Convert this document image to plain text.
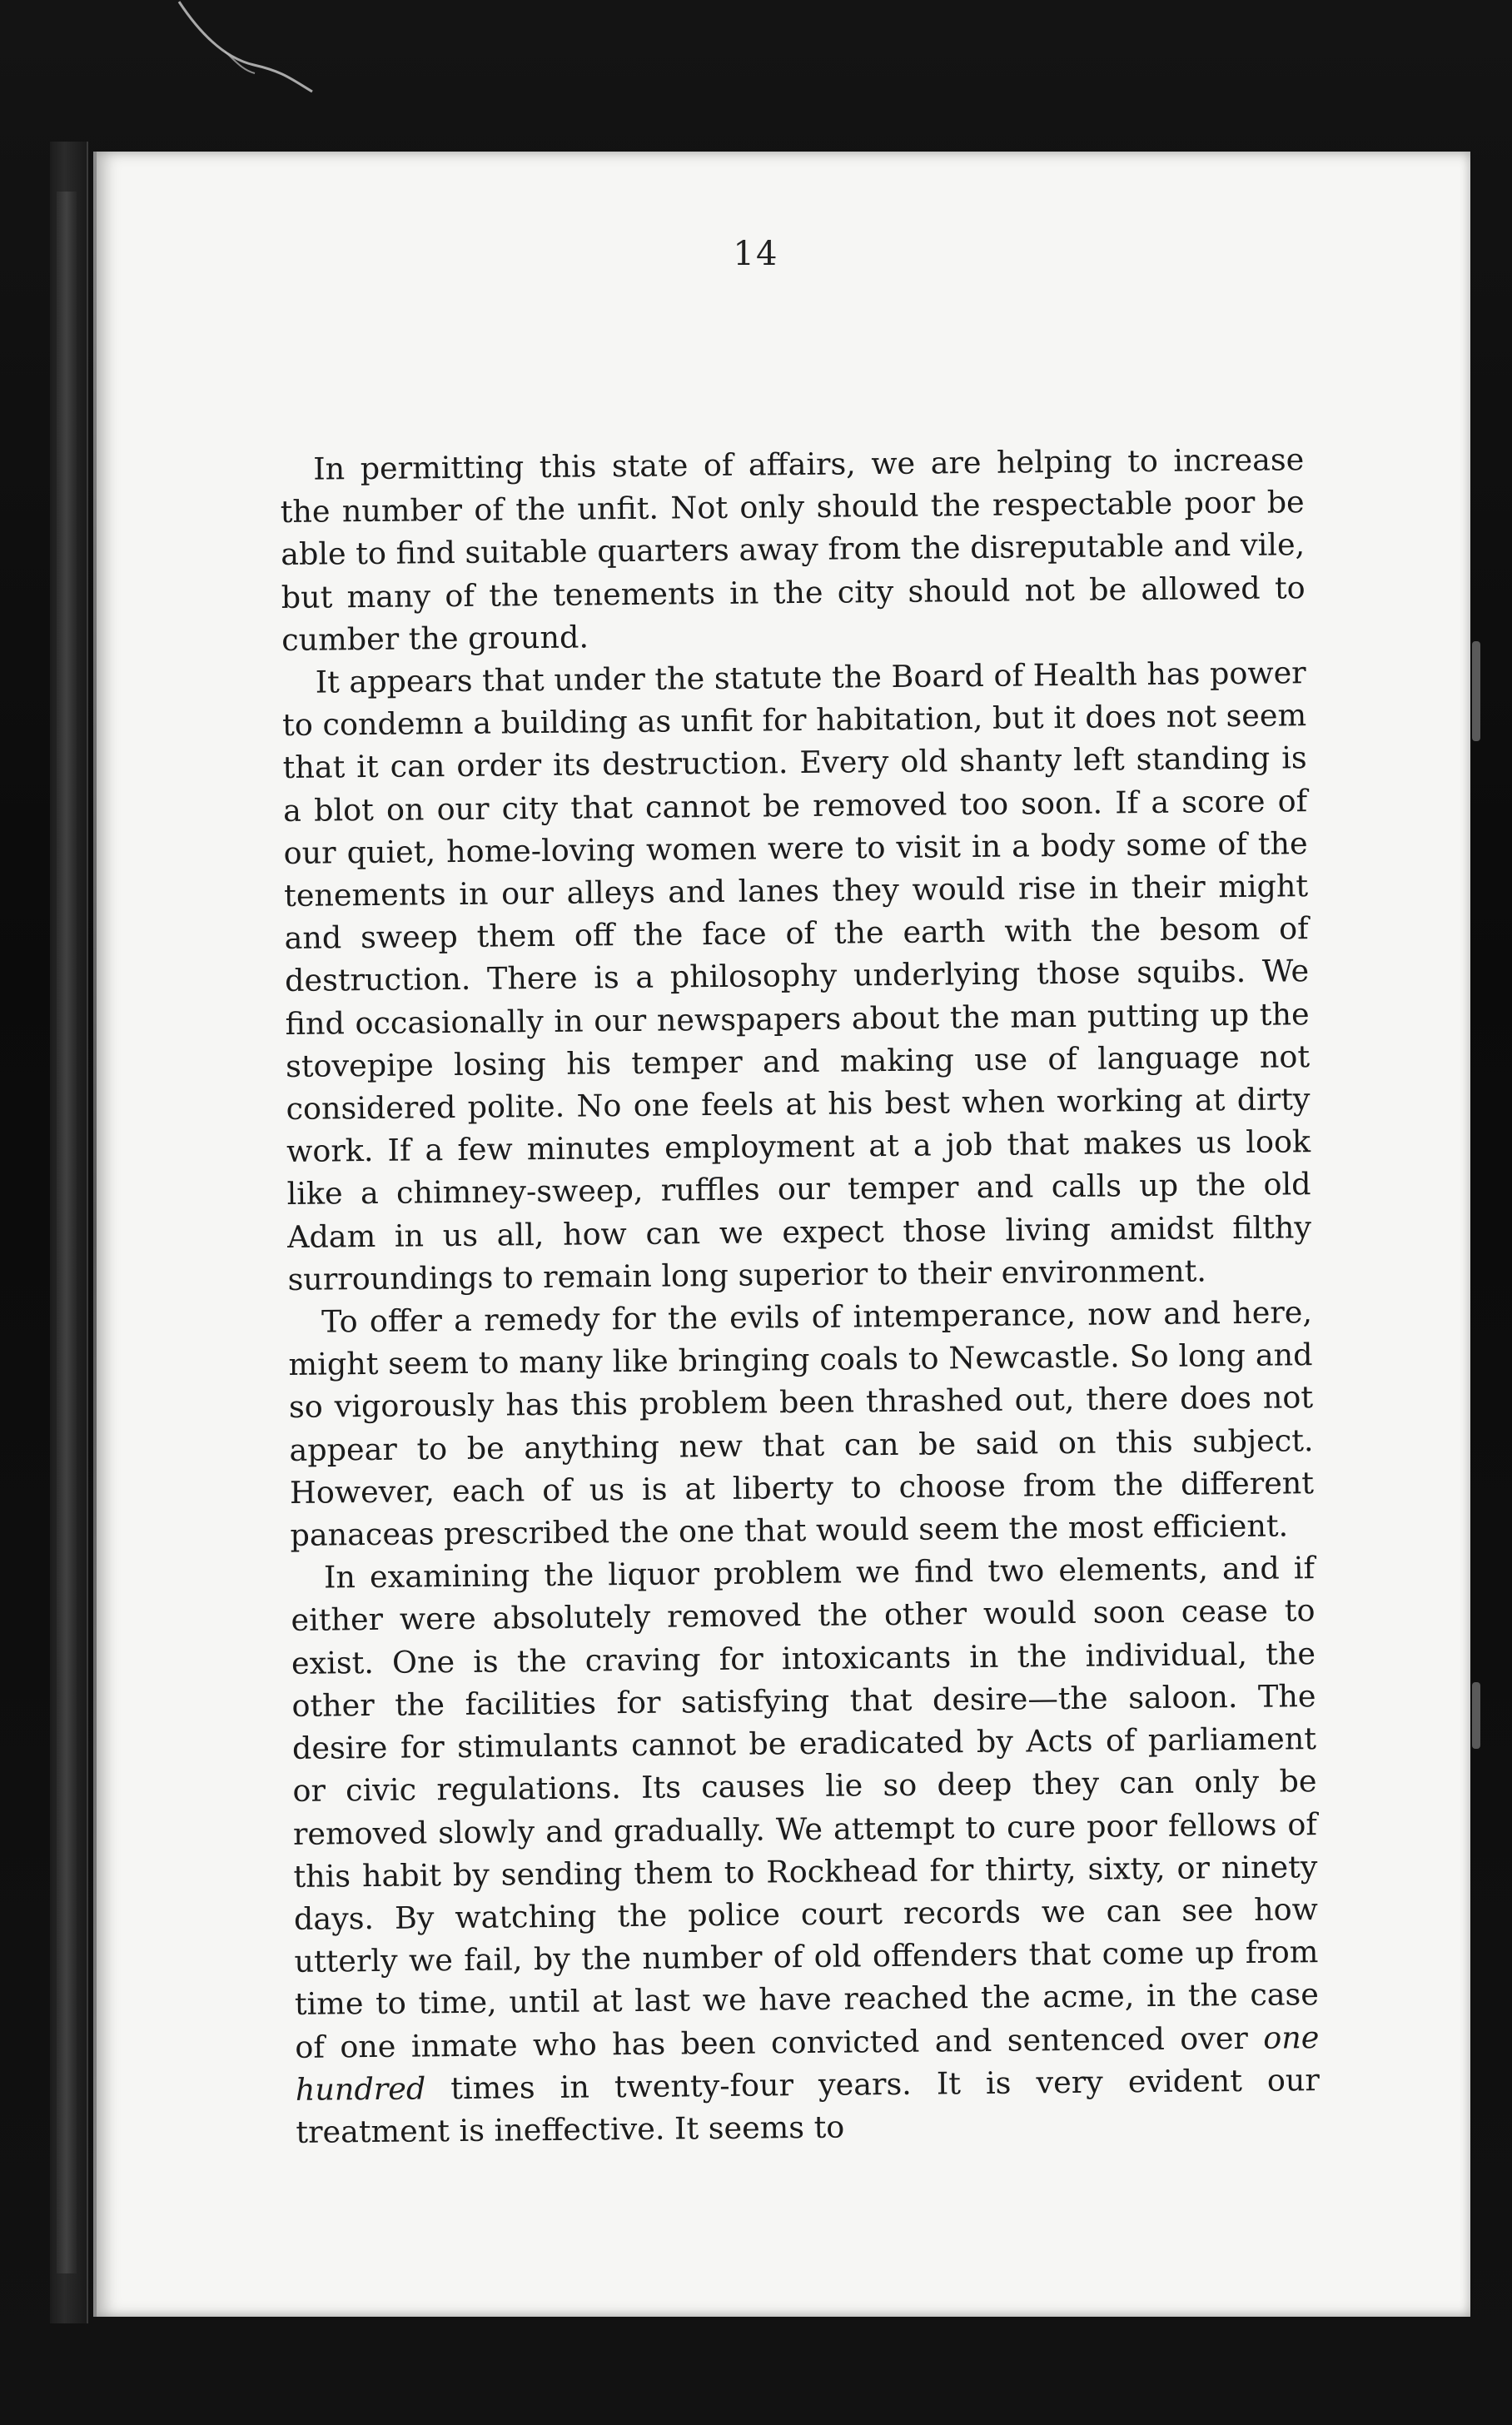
14

In permitting this state of affairs, we are helping to increase the number of the unfit. Not only should the respectable poor be able to find suitable quarters away from the disreputable and vile, but many of the tenements in the city should not be allowed to cumber the ground.

It appears that under the statute the Board of Health has power to condemn a building as unfit for habitation, but it does not seem that it can order its destruction. Every old shanty left standing is a blot on our city that cannot be removed too soon. If a score of our quiet, home-loving women were to visit in a body some of the tenements in our alleys and lanes they would rise in their might and sweep them off the face of the earth with the besom of destruction. There is a philosophy underlying those squibs. We find occasionally in our newspapers about the man putting up the stovepipe losing his temper and making use of language not considered polite. No one feels at his best when working at dirty work. If a few minutes employment at a job that makes us look like a chimney-sweep, ruffles our temper and calls up the old Adam in us all, how can we expect those living amidst filthy surroundings to remain long superior to their environment.

To offer a remedy for the evils of intemperance, now and here, might seem to many like bringing coals to Newcastle. So long and so vigorously has this problem been thrashed out, there does not appear to be anything new that can be said on this subject. However, each of us is at liberty to choose from the different panaceas prescribed the one that would seem the most efficient.

In examining the liquor problem we find two elements, and if either were absolutely removed the other would soon cease to exist. One is the craving for intoxicants in the individual, the other the facilities for satisfying that desire—the saloon. The desire for stimulants cannot be eradicated by Acts of parliament or civic regulations. Its causes lie so deep they can only be removed slowly and gradually. We attempt to cure poor fellows of this habit by sending them to Rockhead for thirty, sixty, or ninety days. By watching the police court records we can see how utterly we fail, by the number of old offenders that come up from time to time, until at last we have reached the acme, in the case of one inmate who has been convicted and sentenced over one hundred times in twenty-four years. It is very evident our treatment is ineffective. It seems to
